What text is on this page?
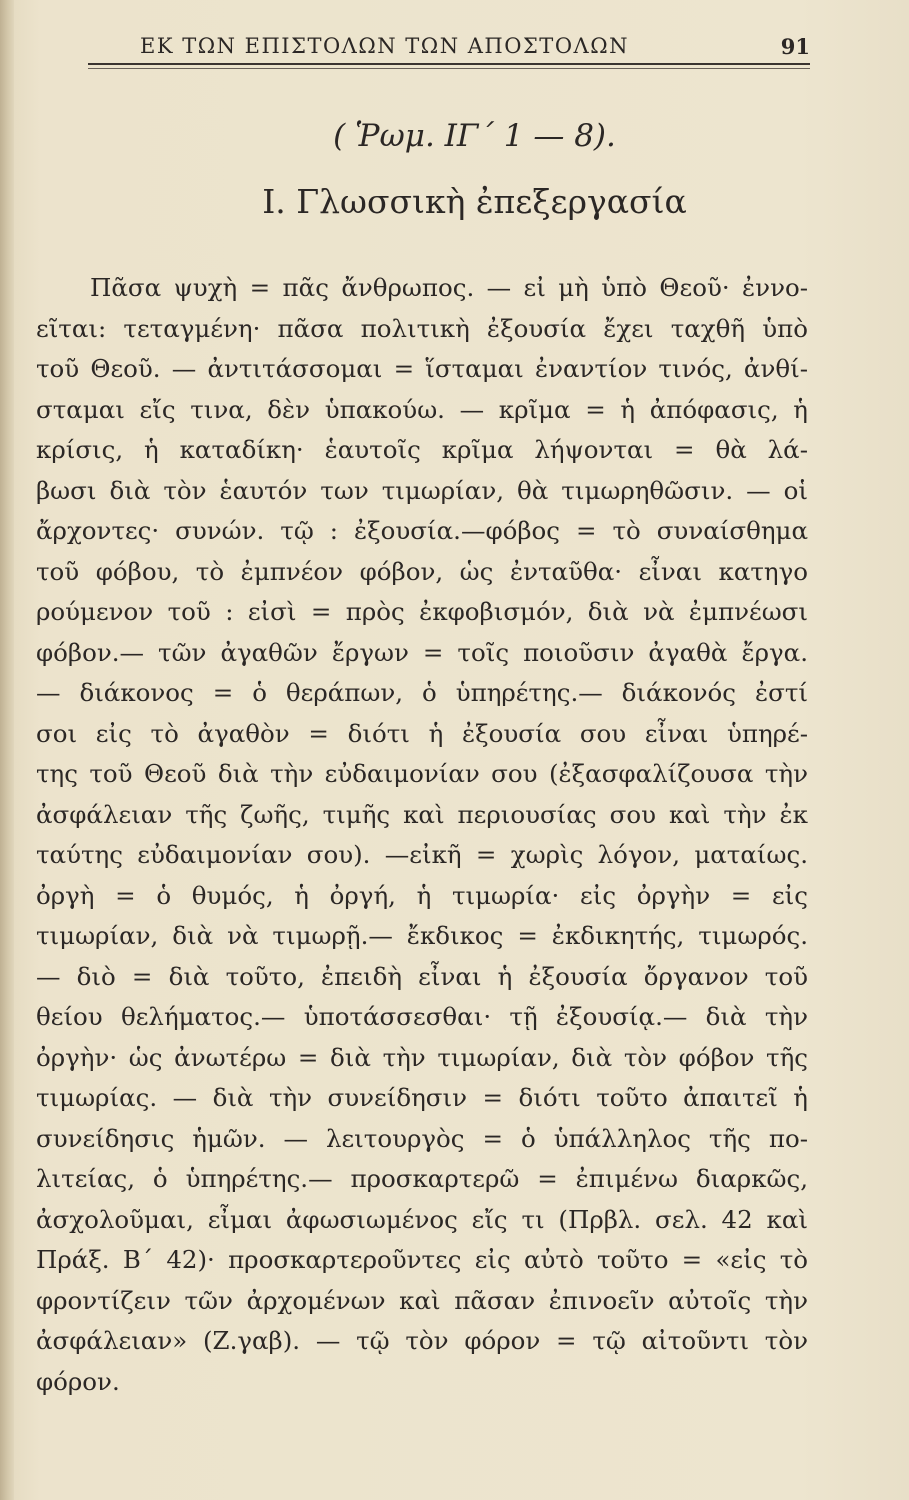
ΕΚ ΤΩΝ ΕΠΙΣΤΟΛΩΝ ΤΩΝ ΑΠΟΣΤΟΛΩΝ	91
( Ῥωμ. ΙΓ΄ 1 — 8).
I. Γλωσσικὴ ἐπεξεργασία
Πᾶσα ψυχὴ = πᾶς ἄνθρωπος. — εἰ μὴ ὑπὸ Θεοῦ· ἐννο-
εῖται: τεταγμένη· πᾶσα πολιτικὴ ἐξουσία ἔχει ταχθῆ ὑπὸ
τοῦ Θεοῦ. — ἀντιτάσσομαι = ἵσταμαι ἐναντίον τινός, ἀνθί-
σταμαι εἴς τινα, δὲν ὑπακούω. — κρῖμα = ἡ ἀπόφασις, ἡ
κρίσις, ἡ καταδίκη· ἑαυτοῖς κρῖμα λήψονται = θὰ λά-
βωσι διὰ τὸν ἑαυτόν των τιμωρίαν, θὰ τιμωρηθῶσιν. — οἱ
ἄρχοντες· συνών. τῷ : ἐξουσία.—φόβος = τὸ συναίσθημα
τοῦ φόβου, τὸ ἐμπνέον φόβον, ὡς ἐνταῦθα· εἶναι κατηγο
ρούμενον τοῦ : εἰσὶ = πρὸς ἐκφοβισμόν, διὰ νὰ ἐμπνέωσι
φόβον.— τῶν ἀγαθῶν ἔργων = τοῖς ποιοῦσιν ἀγαθὰ ἔργα.
— διάκονος = ὁ θεράπων, ὁ ὑπηρέτης.— διάκονός ἐστί
σοι εἰς τὸ ἀγαθὸν = διότι ἡ ἐξουσία σου εἶναι ὑπηρέ-
της τοῦ Θεοῦ διὰ τὴν εὐδαιμονίαν σου (ἐξασφαλίζουσα τὴν
ἀσφάλειαν τῆς ζωῆς, τιμῆς καὶ περιουσίας σου καὶ τὴν ἐκ
ταύτης εὐδαιμονίαν σου). —εἰκῆ = χωρὶς λόγον, ματαίως.
ὀργὴ = ὁ θυμός, ἡ ὀργή, ἡ τιμωρία· εἰς ὀργὴν = εἰς
τιμωρίαν, διὰ νὰ τιμωρῇ.— ἔκδικος = ἐκδικητής, τιμωρός.
— διὸ = διὰ τοῦτο, ἐπειδὴ εἶναι ἡ ἐξουσία ὄργανον τοῦ
θείου θελήματος.— ὑποτάσσεσθαι· τῇ ἐξουσίᾳ.— διὰ τὴν
ὀργὴν· ὡς ἀνωτέρω = διὰ τὴν τιμωρίαν, διὰ τὸν φόβον τῆς
τιμωρίας. — διὰ τὴν συνείδησιν = διότι τοῦτο ἀπαιτεῖ ἡ
συνείδησις ἡμῶν. — λειτουργὸς = ὁ ὑπάλληλος τῆς πο-
λιτείας, ὁ ὑπηρέτης.— προσκαρτερῶ = ἐπιμένω διαρκῶς,
ἀσχολοῦμαι, εἶμαι ἀφωσιωμένος εἴς τι (Πρβλ. σελ. 42 καὶ
Πράξ. Β΄ 42)· προσκαρτεροῦντες εἰς αὐτὸ τοῦτο = «εἰς τὸ
φροντίζειν τῶν ἀρχομένων καὶ πᾶσαν ἐπινοεῖν αὐτοῖς τὴν
ἀσφάλειαν» (Ζ.γαβ). — τῷ τὸν φόρον = τῷ αἰτοῦντι τὸν
φόρον.
